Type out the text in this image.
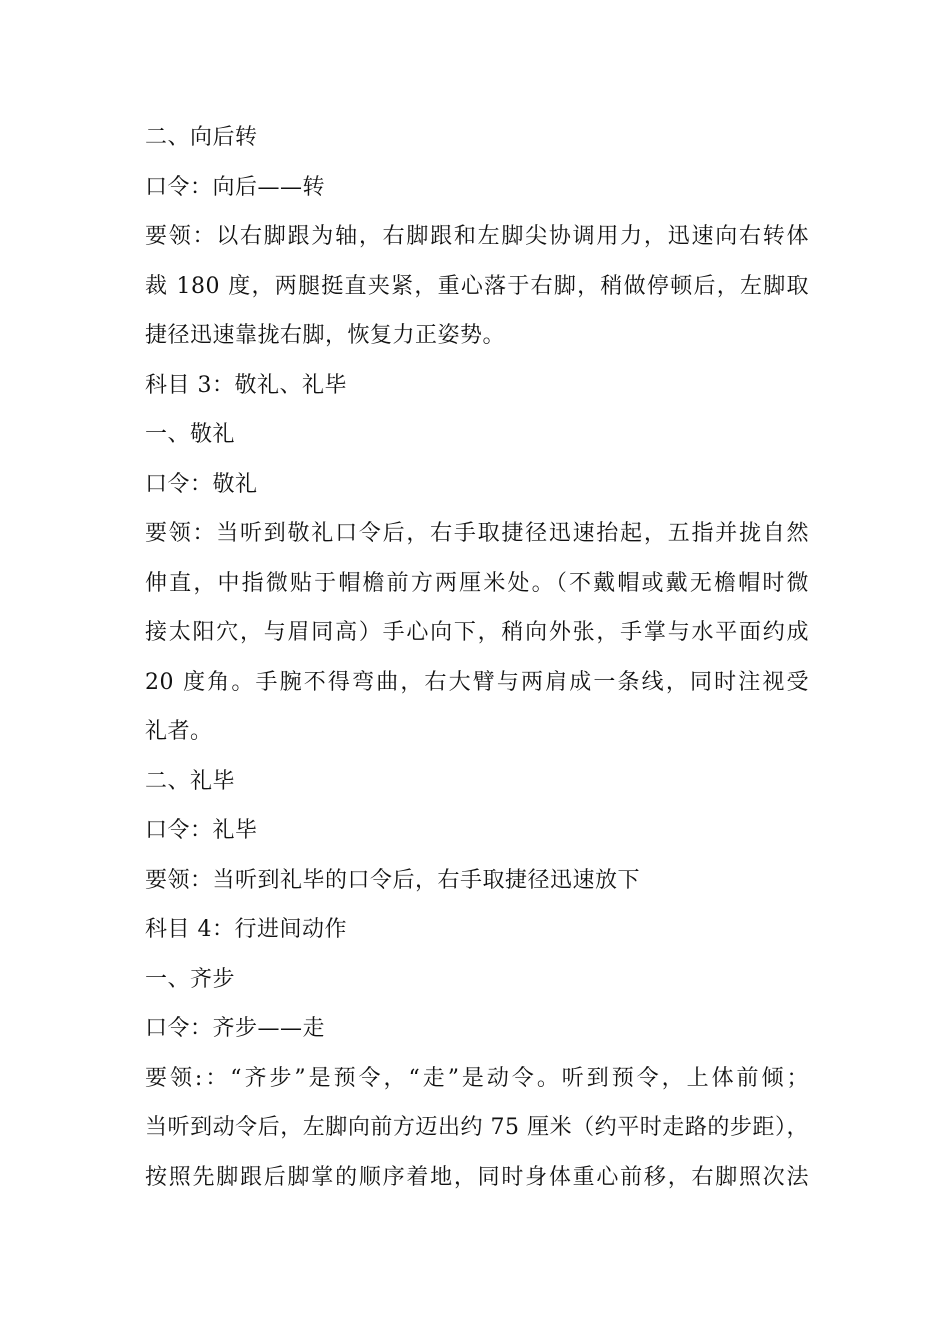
二、向后转
口令：向后——转
要领：以右脚跟为轴，右脚跟和左脚尖协调用力，迅速向右转体
裁 180 度，两腿挺直夹紧，重心落于右脚，稍做停顿后，左脚取
捷径迅速靠拢右脚，恢复力正姿势。
科目 3：敬礼、礼毕
一、敬礼
口令：敬礼
要领：当听到敬礼口令后，右手取捷径迅速抬起，五指并拢自然
伸直，中指微贴于帽檐前方两厘米处。（不戴帽或戴无檐帽时微
接太阳穴，与眉同高）手心向下，稍向外张，手掌与水平面约成
20 度角。手腕不得弯曲，右大臂与两肩成一条线，同时注视受
礼者。
二、礼毕
口令：礼毕
要领：当听到礼毕的口令后，右手取捷径迅速放下
科目 4：行进间动作
一、齐步
口令：齐步——走
要领:：“齐步”是预令，“走”是动令。听到预令，上体前倾；
当听到动令后，左脚向前方迈出约 75 厘米（约平时走路的步距），
按照先脚跟后脚掌的顺序着地，同时身体重心前移，右脚照次法
